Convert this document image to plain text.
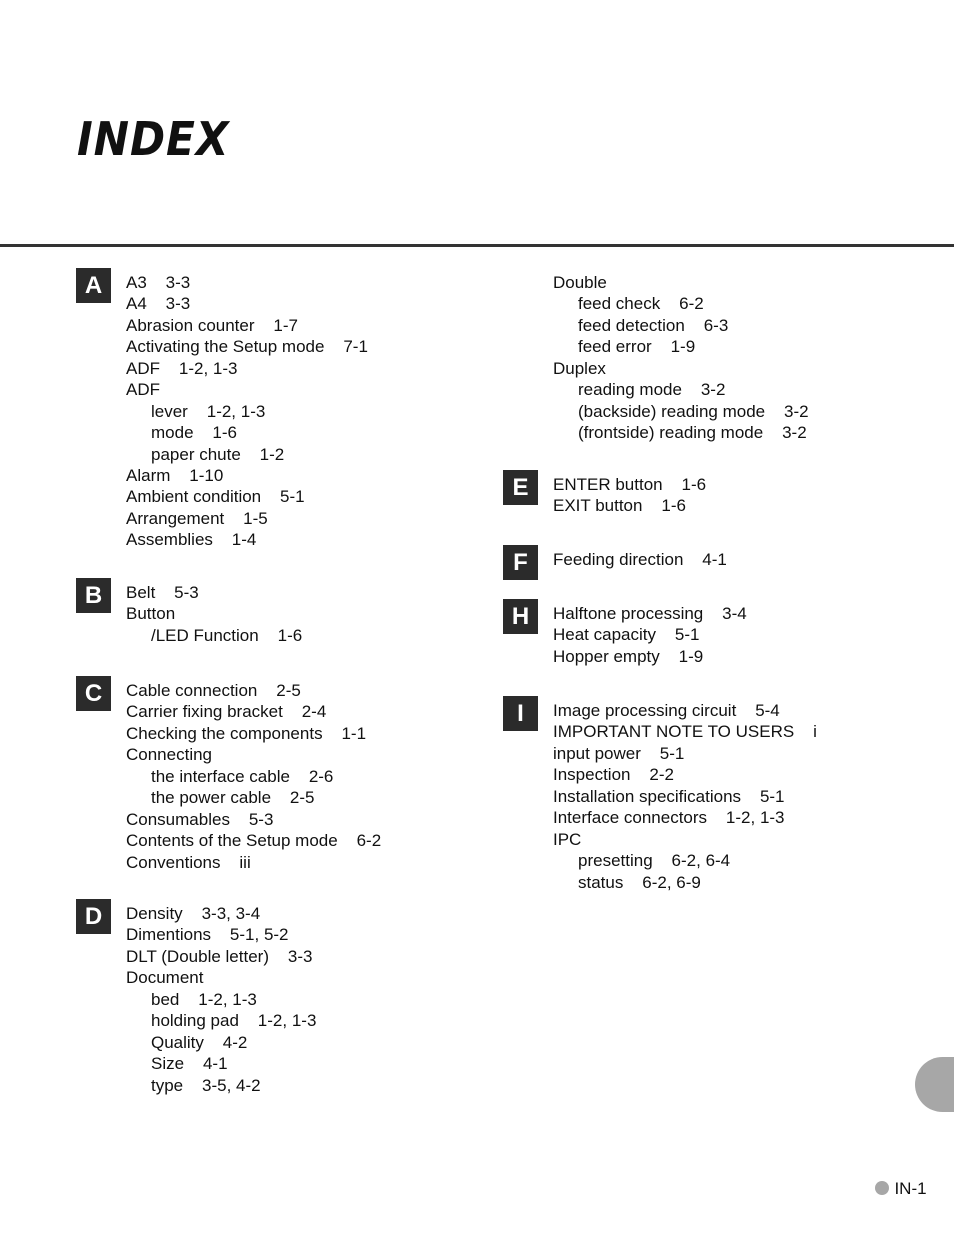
INDEX
A	A3    3-3
A4    3-3
Abrasion counter    1-7
Activating the Setup mode    7-1
ADF    1-2, 1-3
ADF
lever    1-2, 1-3
mode    1-6
paper chute    1-2
Alarm    1-10
Ambient condition    5-1
Arrangement    1-5
Assemblies    1-4
B	Belt    5-3
Button
/LED Function    1-6
C	Cable connection    2-5
Carrier fixing bracket    2-4
Checking the components    1-1
Connecting
the interface cable    2-6
the power cable    2-5
Consumables    5-3
Contents of the Setup mode    6-2
Conventions    iii
D	Density    3-3, 3-4
Dimentions    5-1, 5-2
DLT (Double letter)    3-3
Document
bed    1-2, 1-3
holding pad    1-2, 1-3
Quality    4-2
Size    4-1
type    3-5, 4-2
Double
feed check    6-2
feed detection    6-3
feed error    1-9
Duplex
reading mode    3-2
(backside) reading mode    3-2
(frontside) reading mode    3-2
E	ENTER button    1-6
EXIT button    1-6
F	Feeding direction    4-1
H	Halftone processing    3-4
Heat capacity    5-1
Hopper empty    1-9
I	Image processing circuit    5-4
IMPORTANT NOTE TO USERS    i
input power    5-1
Inspection    2-2
Installation specifications    5-1
Interface connectors    1-2, 1-3
IPC
presetting    6-2, 6-4
status    6-2, 6-9

IN-1
